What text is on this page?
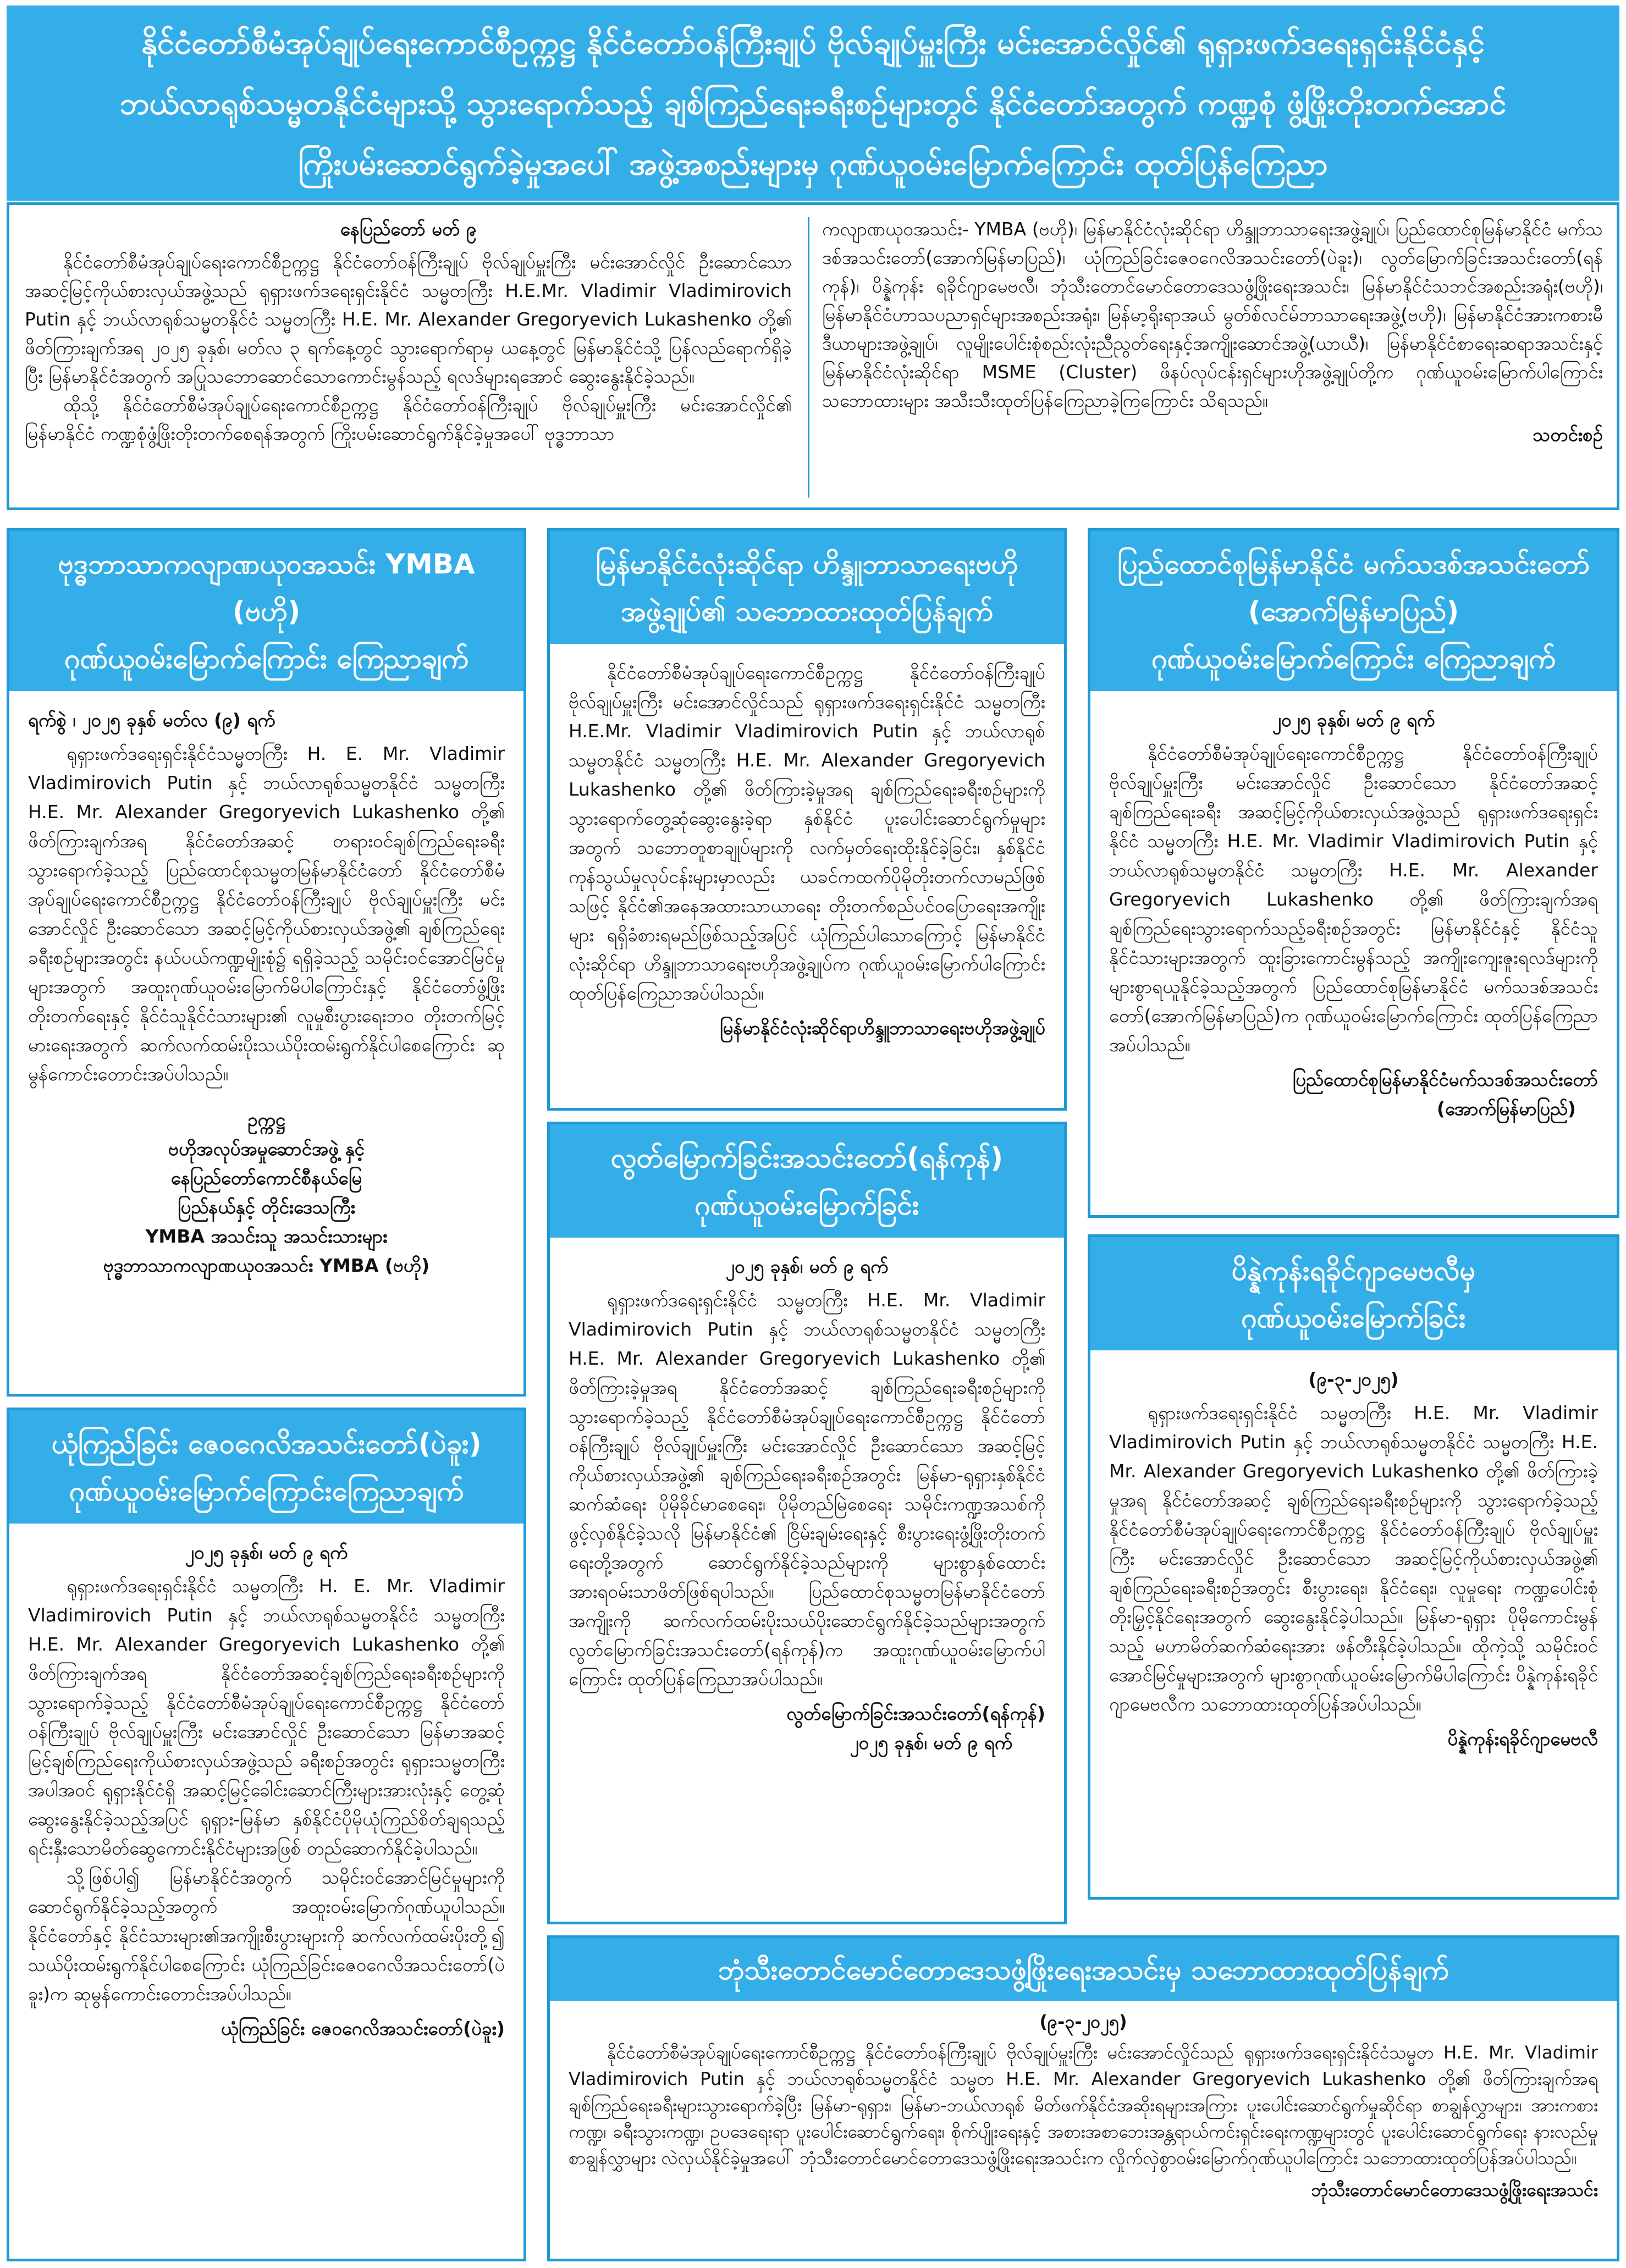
နိုင်ငံတော်စီမံအုပ်ချုပ်ရေးကောင်စီဥက္ကဋ္ဌ နိုင်ငံတော်ဝန်ကြီးချုပ် ဗိုလ်ချုပ်မှူးကြီး မင်းအောင်လှိုင်၏ ရုရှားဖက်ဒရေးရှင်းနိုင်ငံနှင့်
ဘယ်လာရုစ်သမ္မတနိုင်ငံများသို့ သွားရောက်သည့် ချစ်ကြည်ရေးခရီးစဉ်များတွင် နိုင်ငံတော်အတွက် ကဏ္ဍစုံ ဖွံ့ဖြိုးတိုးတက်အောင်
ကြိုးပမ်းဆောင်ရွက်ခဲ့မှုအပေါ် အဖွဲ့အစည်းများမှ ဂုဏ်ယူဝမ်းမြောက်ကြောင်း ထုတ်ပြန်ကြေညာ
နေပြည်တော် မတ် ၉

နိုင်ငံတော်စီမံအုပ်ချုပ်ရေးကောင်စီဥက္ကဋ္ဌ နိုင်ငံတော်ဝန်ကြီးချုပ် ဗိုလ်ချုပ်မှူးကြီး မင်းအောင်လှိုင် ဦးဆောင်သော အဆင့်မြင့်ကိုယ်စားလှယ်အဖွဲ့သည် ရုရှားဖက်ဒရေးရှင်းနိုင်ငံ သမ္မတကြီး H.E.Mr. Vladimir Vladimirovich Putin နှင့် ဘယ်လာရုစ်သမ္မတနိုင်ငံ သမ္မတကြီး H.E. Mr. Alexander Gregoryevich Lukashenko တို့၏ ဖိတ်ကြားချက်အရ ၂၀၂၅ ခုနှစ်၊ မတ်လ ၃ ရက်နေ့တွင် သွားရောက်ရာမှ ယနေ့တွင် မြန်မာနိုင်ငံသို့ ပြန်လည်ရောက်ရှိခဲ့ပြီး မြန်မာနိုင်ငံအတွက် အပြုသဘောဆောင်သောကောင်းမွန်သည့် ရလဒ်များရအောင် ဆွေးနွေးနိုင်ခဲ့သည်။

ထိုသို့ နိုင်ငံတော်စီမံအုပ်ချုပ်ရေးကောင်စီဥက္ကဋ္ဌ နိုင်ငံတော်ဝန်ကြီးချုပ် ဗိုလ်ချုပ်မှူးကြီး မင်းအောင်လှိုင်၏ မြန်မာနိုင်ငံ ကဏ္ဍစုံဖွံ့ဖြိုးတိုးတက်စေရန်အတွက် ကြိုးပမ်းဆောင်ရွက်နိုင်ခဲ့မှုအပေါ် ဗုဒ္ဓဘာသာ

ကလျာဏယုဝအသင်း- YMBA (ဗဟို)၊ မြန်မာနိုင်ငံလုံးဆိုင်ရာ ဟိန္ဒူဘာသာရေးအဖွဲ့ချုပ်၊ ပြည်ထောင်စုမြန်မာနိုင်ငံ မက်သဒစ်အသင်းတော်(အောက်မြန်မာပြည်)၊ ယုံကြည်ခြင်းဇေဝဂေလိအသင်းတော်(ပဲခူး)၊ လွတ်မြောက်ခြင်းအသင်းတော်(ရန်ကုန်)၊ ပိန္နဲကုန်း ရခိုင်ဂျာမေဗလီ၊ ဘုံသီးတောင်မောင်တောဒေသဖွံ့ဖြိုးရေးအသင်း၊ မြန်မာနိုင်ငံသဘင်အစည်းအရုံး(ဗဟို)၊ မြန်မာနိုင်ငံဟာသပညာရှင်များအစည်းအရုံး၊ မြန်မာ့ရိုးရာအယ် မွတ်စ်လင်မ်ဘာသာရေးအဖွဲ့(ဗဟို)၊ မြန်မာနိုင်ငံအားကစားမီဒီယာများအဖွဲ့ချုပ်၊ လူမျိုးပေါင်းစုံစည်းလုံးညီညွတ်ရေးနှင့်အကျိုးဆောင်အဖွဲ့(ယာယီ)၊ မြန်မာနိုင်ငံစာရေးဆရာအသင်းနှင့် မြန်မာနိုင်ငံလုံးဆိုင်ရာ MSME (Cluster) ဖိနပ်လုပ်ငန်းရှင်များဟိုအဖွဲ့ချုပ်တို့က ဂုဏ်ယူဝမ်းမြောက်ပါကြောင်း သဘောထားများ အသီးသီးထုတ်ပြန်ကြေညာခဲ့ကြကြောင်း သိရသည်။

သတင်းစဉ်
ဗုဒ္ဓဘာသာကလျာဏယုဝအသင်း YMBA (ဗဟို)
ဂုဏ်ယူဝမ်းမြောက်ကြောင်း ကြေညာချက်
ရက်စွဲ ၊ ၂၀၂၅ ခုနှစ် မတ်လ (၉) ရက်

ရုရှားဖက်ဒရေးရှင်းနိုင်ငံသမ္မတကြီး H. E. Mr. Vladimir Vladimirovich Putin နှင့် ဘယ်လာရုစ်သမ္မတနိုင်ငံ သမ္မတကြီး H.E. Mr. Alexander Gregoryevich Lukashenko တို့၏ ဖိတ်ကြားချက်အရ နိုင်ငံတော်အဆင့် တရားဝင်ချစ်ကြည်ရေးခရီး သွားရောက်ခဲ့သည့် ပြည်ထောင်စုသမ္မတမြန်မာနိုင်ငံတော် နိုင်ငံတော်စီမံအုပ်ချုပ်ရေးကောင်စီဥက္ကဋ္ဌ နိုင်ငံတော်ဝန်ကြီးချုပ် ဗိုလ်ချုပ်မှူးကြီး မင်းအောင်လှိုင် ဦးဆောင်သော အဆင့်မြင့်ကိုယ်စားလှယ်အဖွဲ့၏ ချစ်ကြည်ရေးခရီးစဉ်များအတွင်း နယ်ပယ်ကဏ္ဍမျိုးစုံ၌ ရရှိခဲ့သည့် သမိုင်းဝင်အောင်မြင်မှုများအတွက် အထူးဂုဏ်ယူဝမ်းမြောက်မိပါကြောင်းနှင့် နိုင်ငံတော်ဖွံ့ဖြိုးတိုးတက်ရေးနှင့် နိုင်ငံသူနိုင်ငံသားများ၏ လူမှုစီးပွားရေးဘဝ တိုးတက်မြင့်မားရေးအတွက် ဆက်လက်ထမ်းပိုးသယ်ပိုးထမ်းရွက်နိုင်ပါစေကြောင်း ဆုမွန်ကောင်းတောင်းအပ်ပါသည်။

ဥက္ကဋ္ဌ
ဗဟိုအလုပ်အမှုဆောင်အဖွဲ့ နှင့်
နေပြည်တော်ကောင်စီနယ်မြေ
ပြည်နယ်နှင့် တိုင်းဒေသကြီး
YMBA အသင်းသူ အသင်းသားများ
ဗုဒ္ဓဘာသာကလျာဏယုဝအသင်း YMBA (ဗဟို)
ယုံကြည်ခြင်း ဇေဝဂေလိအသင်းတော်(ပဲခူး)
ဂုဏ်ယူဝမ်းမြောက်ကြောင်းကြေညာချက်
၂၀၂၅ ခုနှစ်၊ မတ် ၉ ရက်

ရုရှားဖက်ဒရေးရှင်းနိုင်ငံ သမ္မတကြီး H. E. Mr. Vladimir Vladimirovich Putin နှင့် ဘယ်လာရုစ်သမ္မတနိုင်ငံ သမ္မတကြီး H.E. Mr. Alexander Gregoryevich Lukashenko တို့၏ ဖိတ်ကြားချက်အရ နိုင်ငံတော်အဆင့်ချစ်ကြည်ရေးခရီးစဉ်များကို သွားရောက်ခဲ့သည့် နိုင်ငံတော်စီမံအုပ်ချုပ်ရေးကောင်စီဥက္ကဋ္ဌ နိုင်ငံတော်ဝန်ကြီးချုပ် ဗိုလ်ချုပ်မှူးကြီး မင်းအောင်လှိုင် ဦးဆောင်သော မြန်မာအဆင့်မြင့်ချစ်ကြည်ရေးကိုယ်စားလှယ်အဖွဲ့သည် ခရီးစဉ်အတွင်း ရုရှားသမ္မတကြီးအပါအဝင် ရုရှားနိုင်ငံရှိ အဆင့်မြင့်ခေါင်းဆောင်ကြီးများအားလုံးနှင့် တွေ့ဆုံဆွေးနွေးနိုင်ခဲ့သည့်အပြင် ရုရှား-မြန်မာ နှစ်နိုင်ငံပိုမိုယုံကြည်စိတ်ချရသည့် ရင်းနှီးသောမိတ်ဆွေကောင်းနိုင်ငံများအဖြစ် တည်ဆောက်နိုင်ခဲ့ပါသည်။

သို့ဖြစ်ပါ၍ မြန်မာနိုင်ငံအတွက် သမိုင်းဝင်အောင်မြင်မှုများကို ဆောင်ရွက်နိုင်ခဲ့သည့်အတွက် အထူးဝမ်းမြောက်ဂုဏ်ယူပါသည်။ နိုင်ငံတော်နှင့် နိုင်ငံသားများ၏အကျိုးစီးပွားများကို ဆက်လက်ထမ်းပိုးတို့၍ သယ်ပိုးထမ်းရွက်နိုင်ပါစေကြောင်း ယုံကြည်ခြင်းဇေဝဂေလိအသင်းတော်(ပဲခူး)က ဆုမွန်ကောင်းတောင်းအပ်ပါသည်။

ယုံကြည်ခြင်း ဇေဝဂေလိအသင်းတော်(ပဲခူး)
မြန်မာနိုင်ငံလုံးဆိုင်ရာ ဟိန္ဒူဘာသာရေးဗဟို
အဖွဲ့ချုပ်၏ သဘောထားထုတ်ပြန်ချက်

နိုင်ငံတော်စီမံအုပ်ချုပ်ရေးကောင်စီဥက္ကဋ္ဌ နိုင်ငံတော်ဝန်ကြီးချုပ် ဗိုလ်ချုပ်မှူးကြီး မင်းအောင်လှိုင်သည် ရုရှားဖက်ဒရေးရှင်းနိုင်ငံ သမ္မတကြီး H.E.Mr. Vladimir Vladimirovich Putin နှင့် ဘယ်လာရုစ်သမ္မတနိုင်ငံ သမ္မတကြီး H.E. Mr. Alexander Gregoryevich Lukashenko တို့၏ ဖိတ်ကြားခဲ့မှုအရ ချစ်ကြည်ရေးခရီးစဉ်များကို သွားရောက်တွေ့ဆုံဆွေးနွေးခဲ့ရာ နှစ်နိုင်ငံ ပူးပေါင်းဆောင်ရွက်မှုများအတွက် သဘောတူစာချုပ်များကို လက်မှတ်ရေးထိုးနိုင်ခဲ့ခြင်း၊ နှစ်နိုင်ငံကုန်သွယ်မှုလုပ်ငန်းများမှာလည်း ယခင်ကထက်ပိုမိုတိုးတက်လာမည်ဖြစ်သဖြင့် နိုင်ငံ၏အနေအထားသာယာရေး တိုးတက်စည်ပင်ဝပြောရေးအကျိုးများ ရရှိခံစားရမည်ဖြစ်သည့်အပြင် ယုံကြည်ပါသောကြောင့် မြန်မာနိုင်ငံလုံးဆိုင်ရာ ဟိန္ဒူဘာသာရေးဗဟိုအဖွဲ့ချုပ်က ဂုဏ်ယူဝမ်းမြောက်ပါကြောင်း ထုတ်ပြန်ကြေညာအပ်ပါသည်။

မြန်မာနိုင်ငံလုံးဆိုင်ရာဟိန္ဒူဘာသာရေးဗဟိုအဖွဲ့ချုပ်
လွတ်မြောက်ခြင်းအသင်းတော်(ရန်ကုန်)
ဂုဏ်ယူဝမ်းမြောက်ခြင်း
၂၀၂၅ ခုနှစ်၊ မတ် ၉ ရက်

ရုရှားဖက်ဒရေးရှင်းနိုင်ငံ သမ္မတကြီး H.E. Mr. Vladimir Vladimirovich Putin နှင့် ဘယ်လာရုစ်သမ္မတနိုင်ငံ သမ္မတကြီး H.E. Mr. Alexander Gregoryevich Lukashenko တို့၏ ဖိတ်ကြားခဲ့မှုအရ နိုင်ငံတော်အဆင့် ချစ်ကြည်ရေးခရီးစဉ်များကို သွားရောက်ခဲ့သည့် နိုင်ငံတော်စီမံအုပ်ချုပ်ရေးကောင်စီဥက္ကဋ္ဌ နိုင်ငံတော်ဝန်ကြီးချုပ် ဗိုလ်ချုပ်မှူးကြီး မင်းအောင်လှိုင် ဦးဆောင်သော အဆင့်မြင့်ကိုယ်စားလှယ်အဖွဲ့၏ ချစ်ကြည်ရေးခရီးစဉ်အတွင်း မြန်မာ-ရုရှားနှစ်နိုင်ငံဆက်ဆံရေး ပိုမိုခိုင်မာစေရေး၊ ပိုမိုတည်မြဲစေရေး သမိုင်းကဏ္ဍအသစ်ကို ဖွင့်လှစ်နိုင်ခဲ့သလို မြန်မာနိုင်ငံ၏ ငြိမ်းချမ်းရေးနှင့် စီးပွားရေးဖွံ့ဖြိုးတိုးတက်ရေးတို့အတွက် ဆောင်ရွက်နိုင်ခဲ့သည်များကို များစွာနှစ်ထောင်းအားရဝမ်းသာဖိတ်ဖြစ်ရပါသည်။ ပြည်ထောင်စုသမ္မတမြန်မာနိုင်ငံတော်အကျိုးကို ဆက်လက်ထမ်းပိုးသယ်ပိုးဆောင်ရွက်နိုင်ခဲ့သည်များအတွက် လွတ်မြောက်ခြင်းအသင်းတော်(ရန်ကုန်)က အထူးဂုဏ်ယူဝမ်းမြောက်ပါကြောင်း ထုတ်ပြန်ကြေညာအပ်ပါသည်။

လွတ်မြောက်ခြင်းအသင်းတော်(ရန်ကုန်)
၂၀၂၅ ခုနှစ်၊ မတ် ၉ ရက်
ပြည်ထောင်စုမြန်မာနိုင်ငံ မက်သဒစ်အသင်းတော်
(အောက်မြန်မာပြည်)
ဂုဏ်ယူဝမ်းမြောက်ကြောင်း ကြေညာချက်
၂၀၂၅ ခုနှစ်၊ မတ် ၉ ရက်

နိုင်ငံတော်စီမံအုပ်ချုပ်ရေးကောင်စီဥက္ကဋ္ဌ နိုင်ငံတော်ဝန်ကြီးချုပ် ဗိုလ်ချုပ်မှူးကြီး မင်းအောင်လှိုင် ဦးဆောင်သော နိုင်ငံတော်အဆင့် ချစ်ကြည်ရေးခရီး အဆင့်မြင့်ကိုယ်စားလှယ်အဖွဲ့သည် ရုရှားဖက်ဒရေးရှင်းနိုင်ငံ သမ္မတကြီး H.E. Mr. Vladimir Vladimirovich Putin နှင့် ဘယ်လာရုစ်သမ္မတနိုင်ငံ သမ္မတကြီး H.E. Mr. Alexander Gregoryevich Lukashenko တို့၏ ဖိတ်ကြားချက်အရ ချစ်ကြည်ရေးသွားရောက်သည့်ခရီးစဉ်အတွင်း မြန်မာနိုင်ငံနှင့် နိုင်ငံသူနိုင်ငံသားများအတွက် ထူးခြားကောင်းမွန်သည့် အကျိုးကျေးဇူးရလဒ်များကို များစွာရယူနိုင်ခဲ့သည့်အတွက် ပြည်ထောင်စုမြန်မာနိုင်ငံ မက်သဒစ်အသင်းတော်(အောက်မြန်မာပြည်)က ဂုဏ်ယူဝမ်းမြောက်ကြောင်း ထုတ်ပြန်ကြေညာအပ်ပါသည်။

ပြည်ထောင်စုမြန်မာနိုင်ငံမက်သဒစ်အသင်းတော်
(အောက်မြန်မာပြည်)
ပိန္နဲကုန်းရခိုင်ဂျာမေဗလီမှ
ဂုဏ်ယူဝမ်းမြောက်ခြင်း
(၉-၃-၂၀၂၅)

ရုရှားဖက်ဒရေးရှင်းနိုင်ငံ သမ္မတကြီး H.E. Mr. Vladimir Vladimirovich Putin နှင့် ဘယ်လာရုစ်သမ္မတနိုင်ငံ သမ္မတကြီး H.E. Mr. Alexander Gregoryevich Lukashenko တို့၏ ဖိတ်ကြားခဲ့မှုအရ နိုင်ငံတော်အဆင့် ချစ်ကြည်ရေးခရီးစဉ်များကို သွားရောက်ခဲ့သည့် နိုင်ငံတော်စီမံအုပ်ချုပ်ရေးကောင်စီဥက္ကဋ္ဌ နိုင်ငံတော်ဝန်ကြီးချုပ် ဗိုလ်ချုပ်မှူးကြီး မင်းအောင်လှိုင် ဦးဆောင်သော အဆင့်မြင့်ကိုယ်စားလှယ်အဖွဲ့၏ ချစ်ကြည်ရေးခရီးစဉ်အတွင်း စီးပွားရေး၊ နိုင်ငံရေး၊ လူမှုရေး ကဏ္ဍပေါင်းစုံ တိုးမြှင့်နိုင်ရေးအတွက် ဆွေးနွေးနိုင်ခဲ့ပါသည်။ မြန်မာ-ရုရှား ပိုမိုကောင်းမွန်သည့် မဟာမိတ်ဆက်ဆံရေးအား ဖန်တီးနိုင်ခဲ့ပါသည်။ ထိုကဲ့သို့ သမိုင်းဝင်အောင်မြင်မှုများအတွက် များစွာဂုဏ်ယူဝမ်းမြောက်မိပါကြောင်း ပိန္နဲကုန်းရခိုင်ဂျာမေဗလီက သဘောထားထုတ်ပြန်အပ်ပါသည်။

ပိန္နဲကုန်းရခိုင်ဂျာမေဗလီ
ဘုံသီးတောင်မောင်တောဒေသဖွံ့ဖြိုးရေးအသင်းမှ သဘောထားထုတ်ပြန်ချက်
(၉-၃-၂၀၂၅)

နိုင်ငံတော်စီမံအုပ်ချုပ်ရေးကောင်စီဥက္ကဋ္ဌ နိုင်ငံတော်ဝန်ကြီးချုပ် ဗိုလ်ချုပ်မှူးကြီး မင်းအောင်လှိုင်သည် ရုရှားဖက်ဒရေးရှင်းနိုင်ငံသမ္မတ H.E. Mr. Vladimir Vladimirovich Putin နှင့် ဘယ်လာရုစ်သမ္မတနိုင်ငံ သမ္မတ H.E. Mr. Alexander Gregoryevich Lukashenko တို့၏ ဖိတ်ကြားချက်အရ ချစ်ကြည်ရေးခရီးများသွားရောက်ခဲ့ပြီး မြန်မာ-ရုရှား၊ မြန်မာ-ဘယ်လာရုစ် မိတ်ဖက်နိုင်ငံအဆိုးရများအကြား ပူးပေါင်းဆောင်ရွက်မှုဆိုင်ရာ စာချွန်လွှာများ၊ အားကစားကဏ္ဍ၊ ခရီးသွားကဏ္ဍ၊ ဥပဒေရေးရာ ပူးပေါင်းဆောင်ရွက်ရေး၊ စိုက်ပျိုးရေးနှင့် အစားအစာဘေးအန္တရာယ်ကင်းရှင်းရေးကဏ္ဍများတွင် ပူးပေါင်းဆောင်ရွက်ရေး နားလည်မှုစာချွန်လွှာများ လဲလှယ်နိုင်ခဲ့မှုအပေါ် ဘုံသီးတောင်မောင်တောဒေသဖွံ့ဖြိုးရေးအသင်းက လှိုက်လှဲစွာဝမ်းမြောက်ဂုဏ်ယူပါကြောင်း သဘောထားထုတ်ပြန်အပ်ပါသည်။

ဘုံသီးတောင်မောင်တောဒေသဖွံ့ဖြိုးရေးအသင်း
